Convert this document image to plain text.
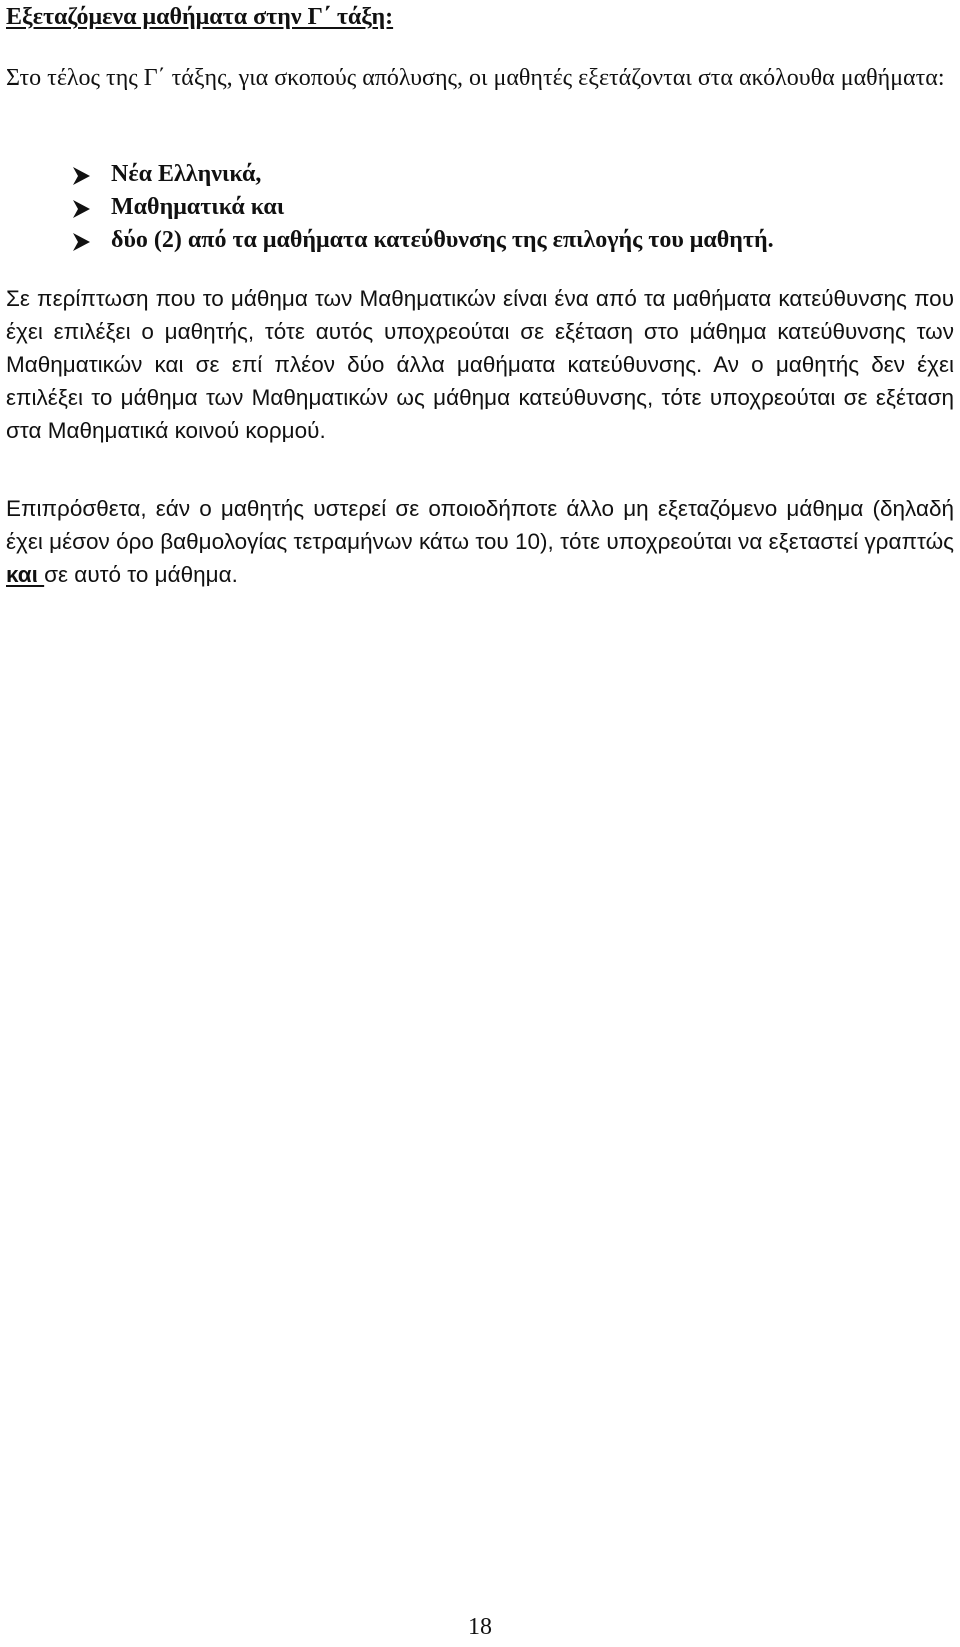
Εξεταζόμενα μαθήματα στην Γ΄ τάξη:
Στο τέλος της Γ΄ τάξης, για σκοπούς απόλυσης, οι μαθητές εξετάζονται στα ακόλουθα μαθήματα:
Νέα Ελληνικά,
Μαθηματικά και
δύο (2) από τα μαθήματα κατεύθυνσης της επιλογής του μαθητή.
Σε περίπτωση που το μάθημα των Μαθηματικών είναι ένα από τα μαθήματα κατεύθυνσης που έχει επιλέξει ο μαθητής, τότε αυτός υποχρεούται σε εξέταση στο μάθημα κατεύθυνσης των Μαθηματικών και σε επί πλέον δύο άλλα μαθήματα κατεύθυνσης. Αν ο μαθητής δεν έχει επιλέξει το μάθημα των Μαθηματικών ως μάθημα κατεύθυνσης, τότε υποχρεούται σε εξέταση στα Μαθηματικά κοινού κορμού.
Επιπρόσθετα, εάν ο μαθητής υστερεί σε οποιοδήποτε άλλο μη εξεταζόμενο μάθημα (δηλαδή έχει μέσον όρο βαθμολογίας τετραμήνων κάτω του 10), τότε υποχρεούται να εξεταστεί γραπτώς και σε αυτό το μάθημα.
18
